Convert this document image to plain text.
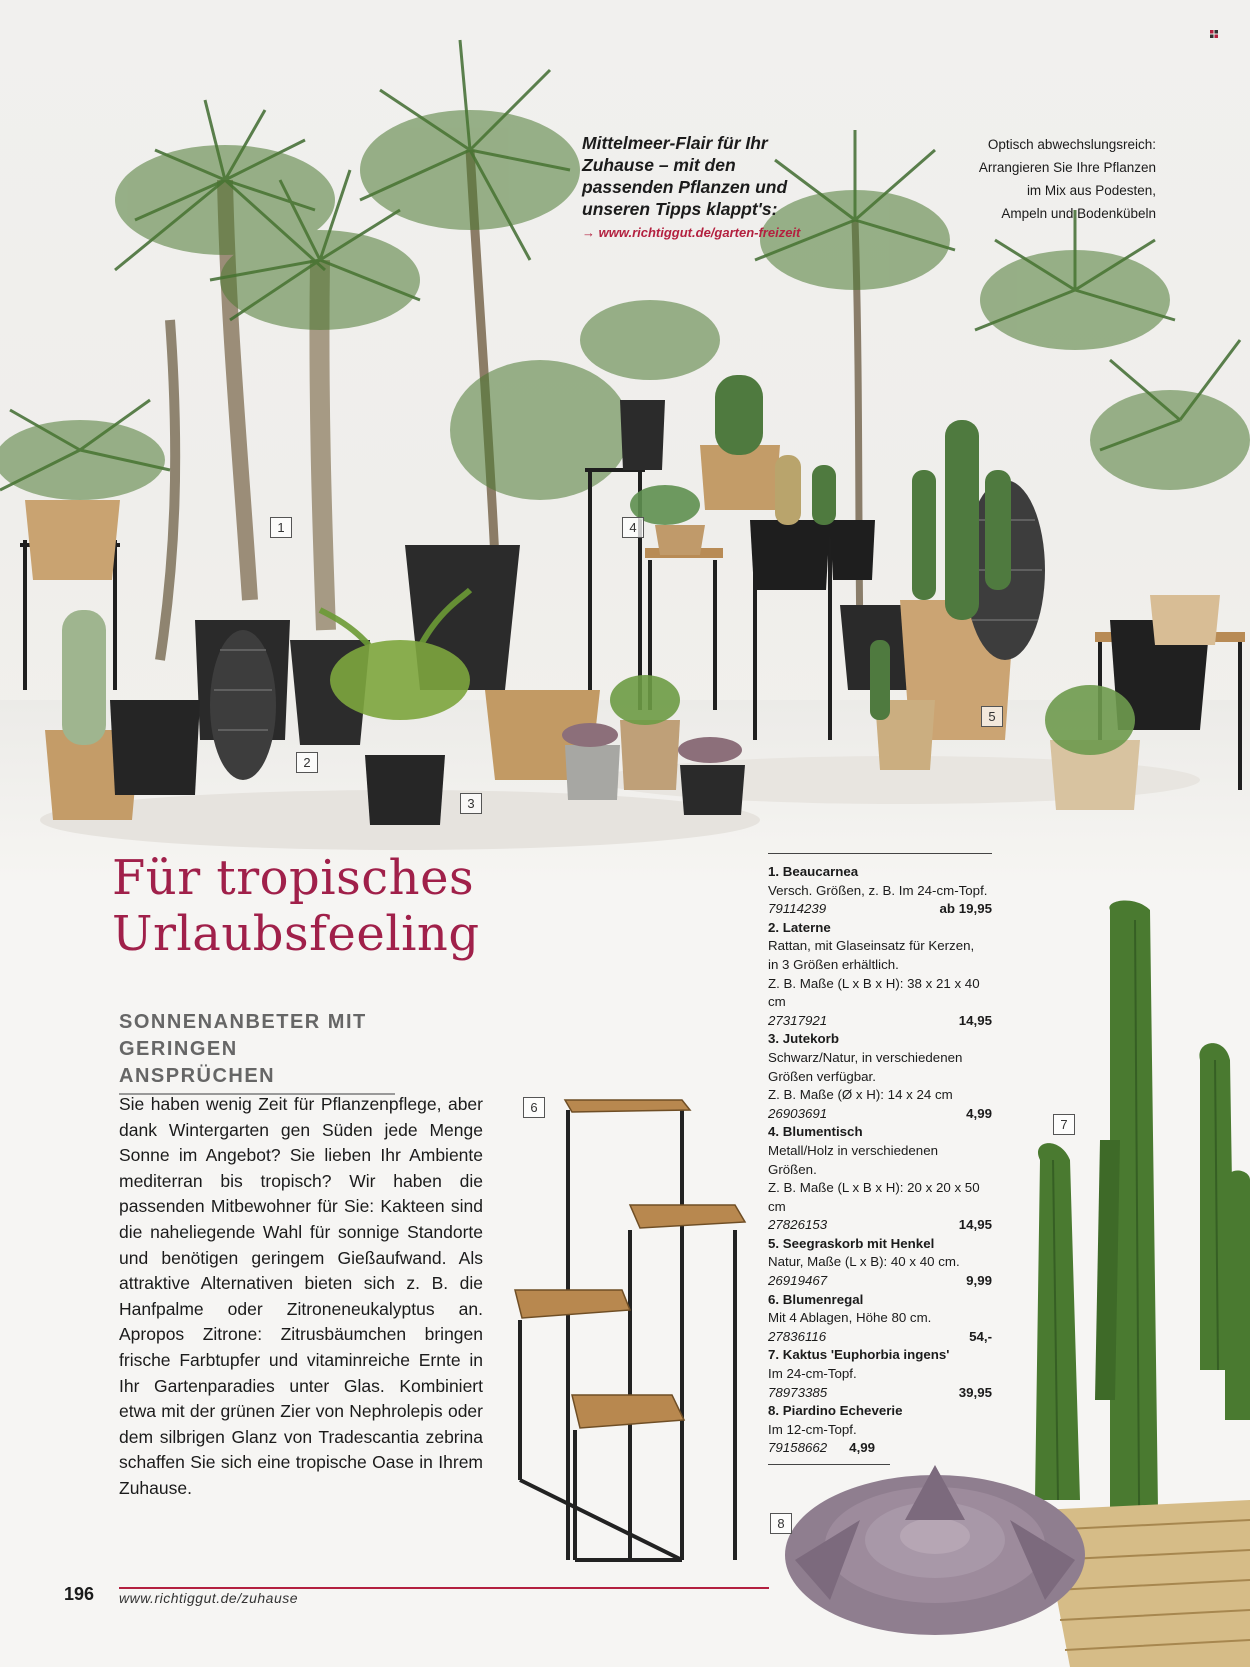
Mittelmeer-Flair für Ihr Zuhause – mit den passenden Pflanzen und unseren Tipps klappt's:
→ www.richtiggut.de/garten-freizeit
Optisch abwechslungsreich:
Arrangieren Sie Ihre Pflanzen
im Mix aus Podesten,
Ampeln und Bodenkübeln
1
2
3
4
5
6
7
8
Für tropisches
Urlaubsfeeling
SONNENANBETER MIT
GERINGEN ANSPRÜCHEN

Sie haben wenig Zeit für Pflanzenpflege, aber dank Wintergarten gen Süden jede Menge Sonne im Angebot? Sie lieben Ihr Ambiente mediterran bis tropisch? Wir haben die passenden Mitbewohner für Sie: Kakteen sind die naheliegende Wahl für sonnige Standorte und benötigen geringem Gießaufwand. Als attraktive Alternativen bieten sich z. B. die Hanfpalme oder Zitroneneukalyptus an. Apropos Zitrone: Zitrusbäumchen bringen frische Farbtupfer und vitaminreiche Ernte in Ihr Gartenparadies unter Glas. Kombiniert etwa mit der grünen Zier von Nephrolepis oder dem silbrigen Glanz von Tradescantia zebrina schaffen Sie sich eine tropische Oase in Ihrem Zuhause.

1. Beaucarnea
Versch. Größen, z. B. Im 24-cm-Topf.
79114239	ab 19,95
2. Laterne
Rattan, mit Glaseinsatz für Kerzen,
in 3 Größen erhältlich.
Z. B. Maße (L x B x H): 38 x 21 x 40 cm
27317921	14,95
3. Jutekorb
Schwarz/Natur, in verschiedenen
Größen verfügbar.
Z. B. Maße (Ø x H): 14 x 24 cm
26903691	4,99
4. Blumentisch
Metall/Holz in verschiedenen
Größen.
Z. B. Maße (L x B x H): 20 x 20 x 50 cm
27826153	14,95
5. Seegraskorb mit Henkel
Natur, Maße (L x B): 40 x 40 cm.
26919467	9,99
6. Blumenregal
Mit 4 Ablagen, Höhe 80 cm.
27836116	54,-
7. Kaktus 'Euphorbia ingens'
Im 24-cm-Topf.
78973385	39,95
8. Piardino Echeverie
Im 12-cm-Topf.
79158662 4,99
196 www.richtiggut.de/zuhause
